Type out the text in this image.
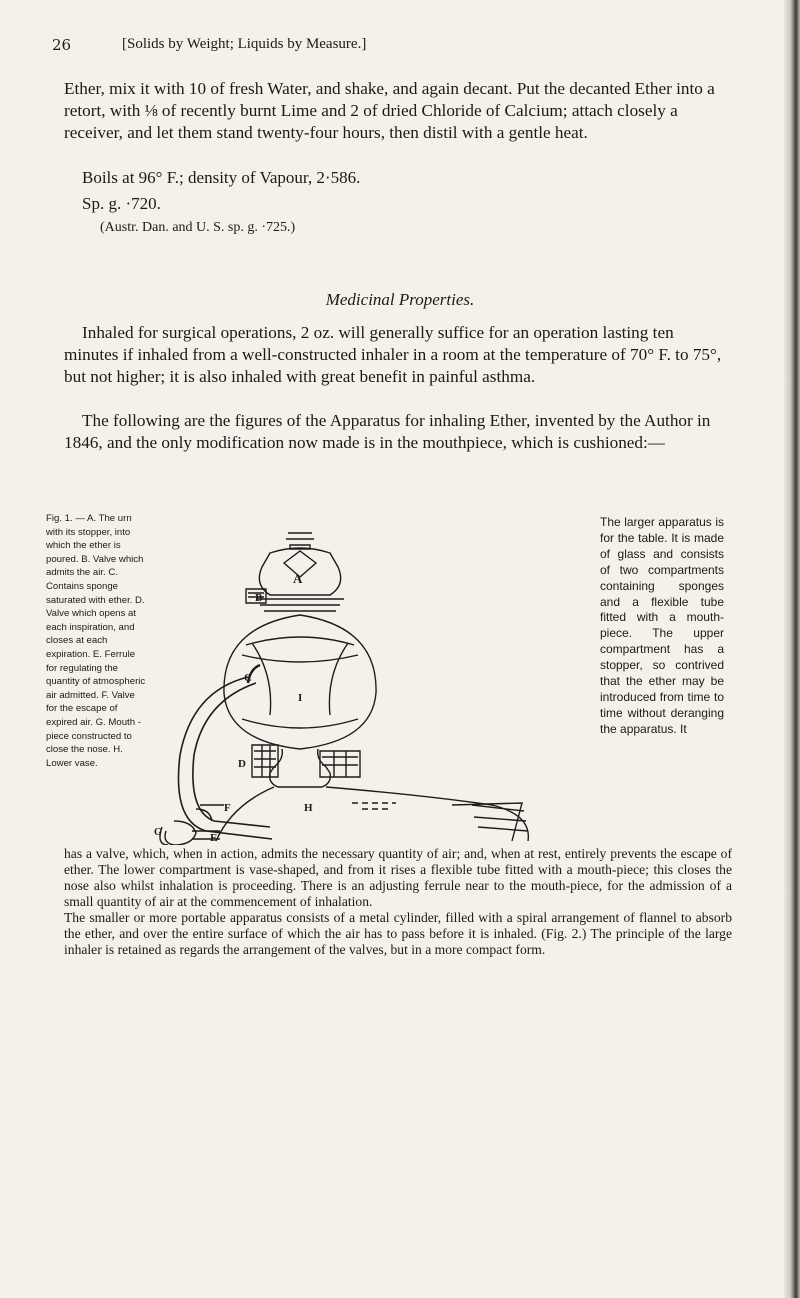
26	[Solids by Weight; Liquids by Measure.]
Ether, mix it with 10 of fresh Water, and shake, and again decant. Put the decanted Ether into a retort, with ⅛ of recently burnt Lime and 2 of dried Chloride of Calcium; attach closely a receiver, and let them stand twenty-four hours, then distil with a gentle heat.
Boils at 96° F.; density of Vapour, 2·586.
Sp. g. ·720.
(Austr. Dan. and U. S. sp. g. ·725.)
Medicinal Properties.
Inhaled for surgical operations, 2 oz. will generally suffice for an operation lasting ten minutes if inhaled from a well-constructed inhaler in a room at the temperature of 70° F. to 75°, but not higher; it is also inhaled with great benefit in painful asthma.
The following are the figures of the Apparatus for inhaling Ether, invented by the Author in 1846, and the only modification now made is in the mouthpiece, which is cushioned:—
Fig. 1. — A. The urn with its stopper, into which the ether is poured. B. Valve which admits the air. C. Contains sponge saturated with ether. D. Valve which opens at each inspiration, and closes at each expiration. E. Ferrule for regulating the quantity of atmospheric air admitted. F. Valve for the escape of expired air. G. Mouth - piece constructed to close the nose. H. Lower vase.
A
B
C
I
D
F
G	E
H
The larger apparatus is for the table. It is made of glass and consists of two compartments containing sponges and a flexible tube fitted with a mouth-piece. The upper compartment has a stopper, so contrived that the ether may be introduced from time to time without deranging the apparatus. It
has a valve, which, when in action, admits the necessary quantity of air; and, when at rest, entirely prevents the escape of ether. The lower compartment is vase-shaped, and from it rises a flexible tube fitted with a mouth-piece; this closes the nose also whilst inhalation is proceeding. There is an adjusting ferrule near to the mouth-piece, for the admission of a small quantity of air at the commencement of inhalation.
The smaller or more portable apparatus consists of a metal cylinder, filled with a spiral arrangement of flannel to absorb the ether, and over the entire surface of which the air has to pass before it is inhaled. (Fig. 2.) The principle of the large inhaler is retained as regards the arrangement of the valves, but in a more compact form.
